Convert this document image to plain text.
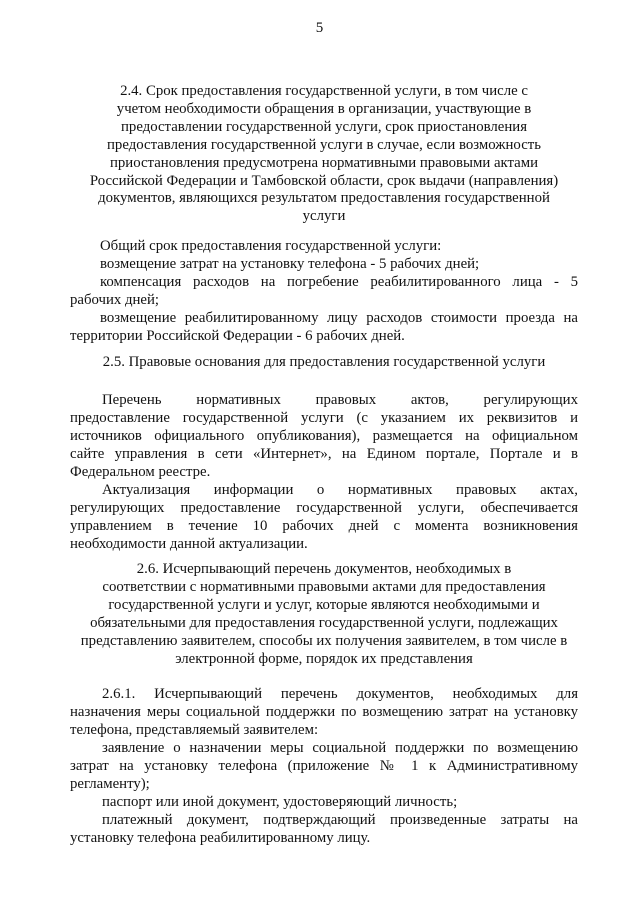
5
2.4. Срок предоставления государственной услуги, в том числе с
учетом необходимости обращения в организации, участвующие в
предоставлении государственной услуги, срок приостановления
предоставления государственной услуги в случае, если возможность
приостановления предусмотрена нормативными правовыми актами
Российской Федерации и Тамбовской области, срок выдачи (направления)
документов, являющихся результатом предоставления государственной
услуги
Общий срок предоставления государственной услуги:
возмещение затрат на установку телефона - 5 рабочих дней;
компенсация расходов на погребение реабилитированного лица - 5
рабочих дней;
возмещение реабилитированному лицу расходов стоимости проезда на
территории Российской Федерации - 6 рабочих дней.
2.5. Правовые основания для предоставления государственной услуги
Перечень нормативных правовых актов, регулирующих
предоставление государственной услуги (с указанием их реквизитов и
источников официального опубликования), размещается на официальном
сайте управления в сети «Интернет», на Едином портале, Портале и в
Федеральном реестре.
Актуализация информации о нормативных правовых актах,
регулирующих предоставление государственной услуги, обеспечивается
управлением в течение 10 рабочих дней с момента возникновения
необходимости данной актуализации.
2.6. Исчерпывающий перечень документов, необходимых в
соответствии с нормативными правовыми актами для предоставления
государственной услуги и услуг, которые являются необходимыми и
обязательными для предоставления государственной услуги, подлежащих
представлению заявителем, способы их получения заявителем, в том числе в
электронной форме, порядок их представления
2.6.1. Исчерпывающий перечень документов, необходимых для
назначения меры социальной поддержки по возмещению затрат на установку
телефона, представляемый заявителем:
заявление о назначении меры социальной поддержки по возмещению
затрат на установку телефона (приложение № 1 к Административному
регламенту);
паспорт или иной документ, удостоверяющий личность;
платежный документ, подтверждающий произведенные затраты на
установку телефона реабилитированному лицу.
